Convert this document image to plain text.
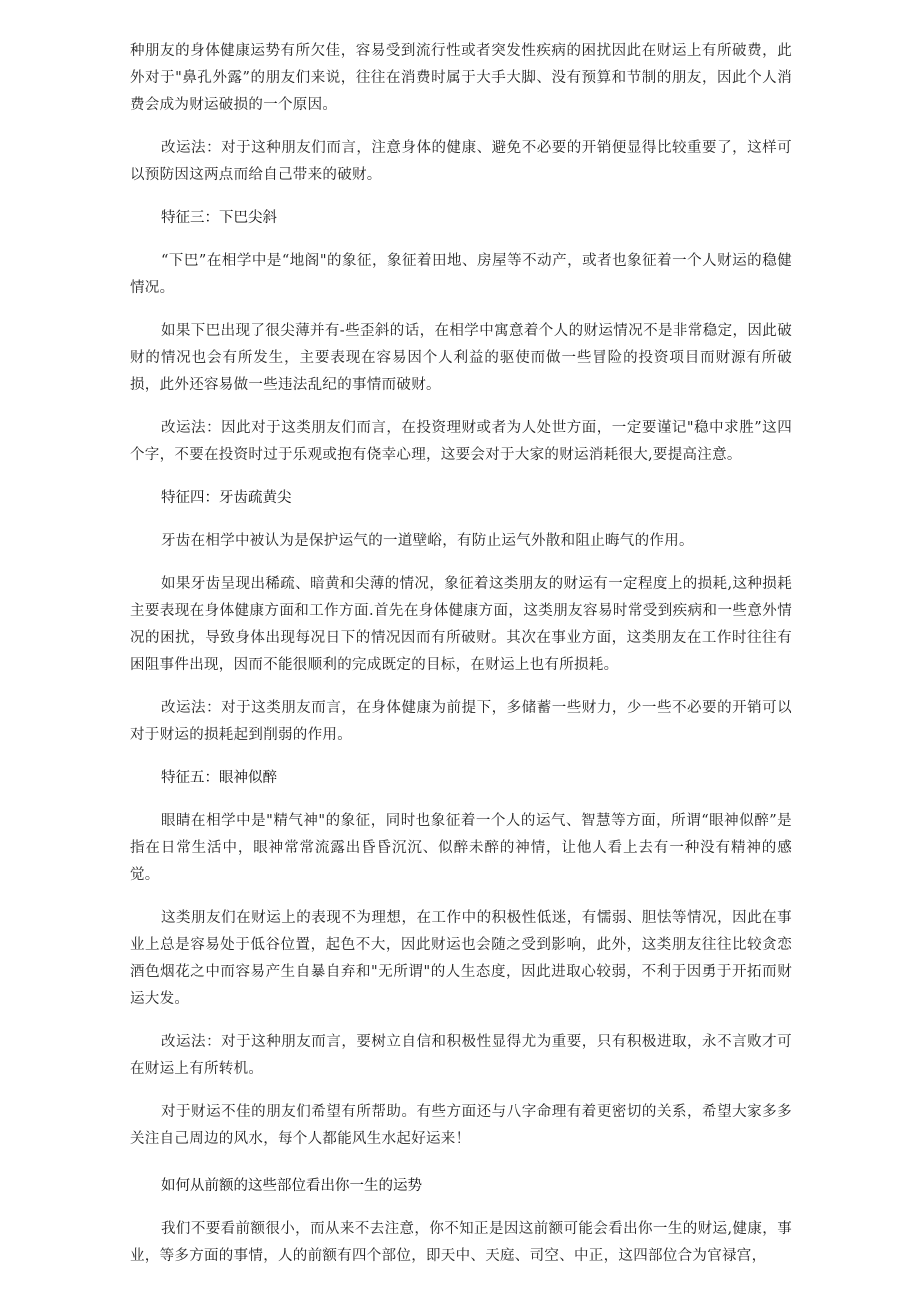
种朋友的身体健康运势有所欠佳，容易受到流行性或者突发性疾病的困扰因此在财运上有所破费，此外对于"鼻孔外露”的朋友们来说，往往在消费时属于大手大脚、没有预算和节制的朋友，因此个人消费会成为财运破损的一个原因。

改运法：对于这种朋友们而言，注意身体的健康、避免不必要的开销便显得比较重要了，这样可以预防因这两点而给自己带来的破财。

特征三：下巴尖斜

“下巴”在相学中是“地阁"的象征，象征着田地、房屋等不动产，或者也象征着一个人财运的稳健情况。

如果下巴出现了很尖薄并有-些歪斜的话，在相学中寓意着个人的财运情况不是非常稳定，因此破财的情况也会有所发生，主要表现在容易因个人利益的驱使而做一些冒险的投资项目而财源有所破损，此外还容易做一些违法乱纪的事情而破财。

改运法：因此对于这类朋友们而言，在投资理财或者为人处世方面，一定要谨记"稳中求胜”这四个字，不要在投资时过于乐观或抱有侥幸心理，这要会对于大家的财运消耗很大,要提高注意。

特征四：牙齿疏黄尖

牙齿在相学中被认为是保护运气的一道壁峪，有防止运气外散和阻止晦气的作用。

如果牙齿呈现出稀疏、暗黄和尖薄的情况，象征着这类朋友的财运有一定程度上的损耗,这种损耗主要表现在身体健康方面和工作方面.首先在身体健康方面，这类朋友容易时常受到疾病和一些意外情况的困扰，导致身体出现每况日下的情况因而有所破财。其次在事业方面，这类朋友在工作时往往有困阻事件出现，因而不能很顺利的完成既定的目标，在财运上也有所损耗。

改运法：对于这类朋友而言，在身体健康为前提下，多储蓄一些财力，少一些不必要的开销可以对于财运的损耗起到削弱的作用。

特征五：眼神似醉

眼睛在相学中是"精气神"的象征，同时也象征着一个人的运气、智慧等方面，所谓“眼神似醉”是指在日常生活中，眼神常常流露出昏昏沉沉、似醉未醉的神情，让他人看上去有一种没有精神的感觉。

这类朋友们在财运上的表现不为理想，在工作中的积极性低迷，有懦弱、胆怯等情况，因此在事业上总是容易处于低谷位置，起色不大，因此财运也会随之受到影响，此外，这类朋友往往比较贪恋酒色烟花之中而容易产生自暴自弃和"无所谓"的人生态度，因此进取心较弱，不利于因勇于开拓而财运大发。

改运法：对于这种朋友而言，要树立自信和积极性显得尤为重要，只有积极进取，永不言败才可在财运上有所转机。

对于财运不佳的朋友们希望有所帮助。有些方面还与八字命理有着更密切的关系，希望大家多多关注自己周边的风水，每个人都能风生水起好运来！

如何从前额的这些部位看出你一生的运势

我们不要看前额很小，而从来不去注意，你不知正是因这前额可能会看出你一生的财运,健康，事业，等多方面的事情，人的前额有四个部位，即天中、天庭、司空、中正，这四部位合为官禄宫，
